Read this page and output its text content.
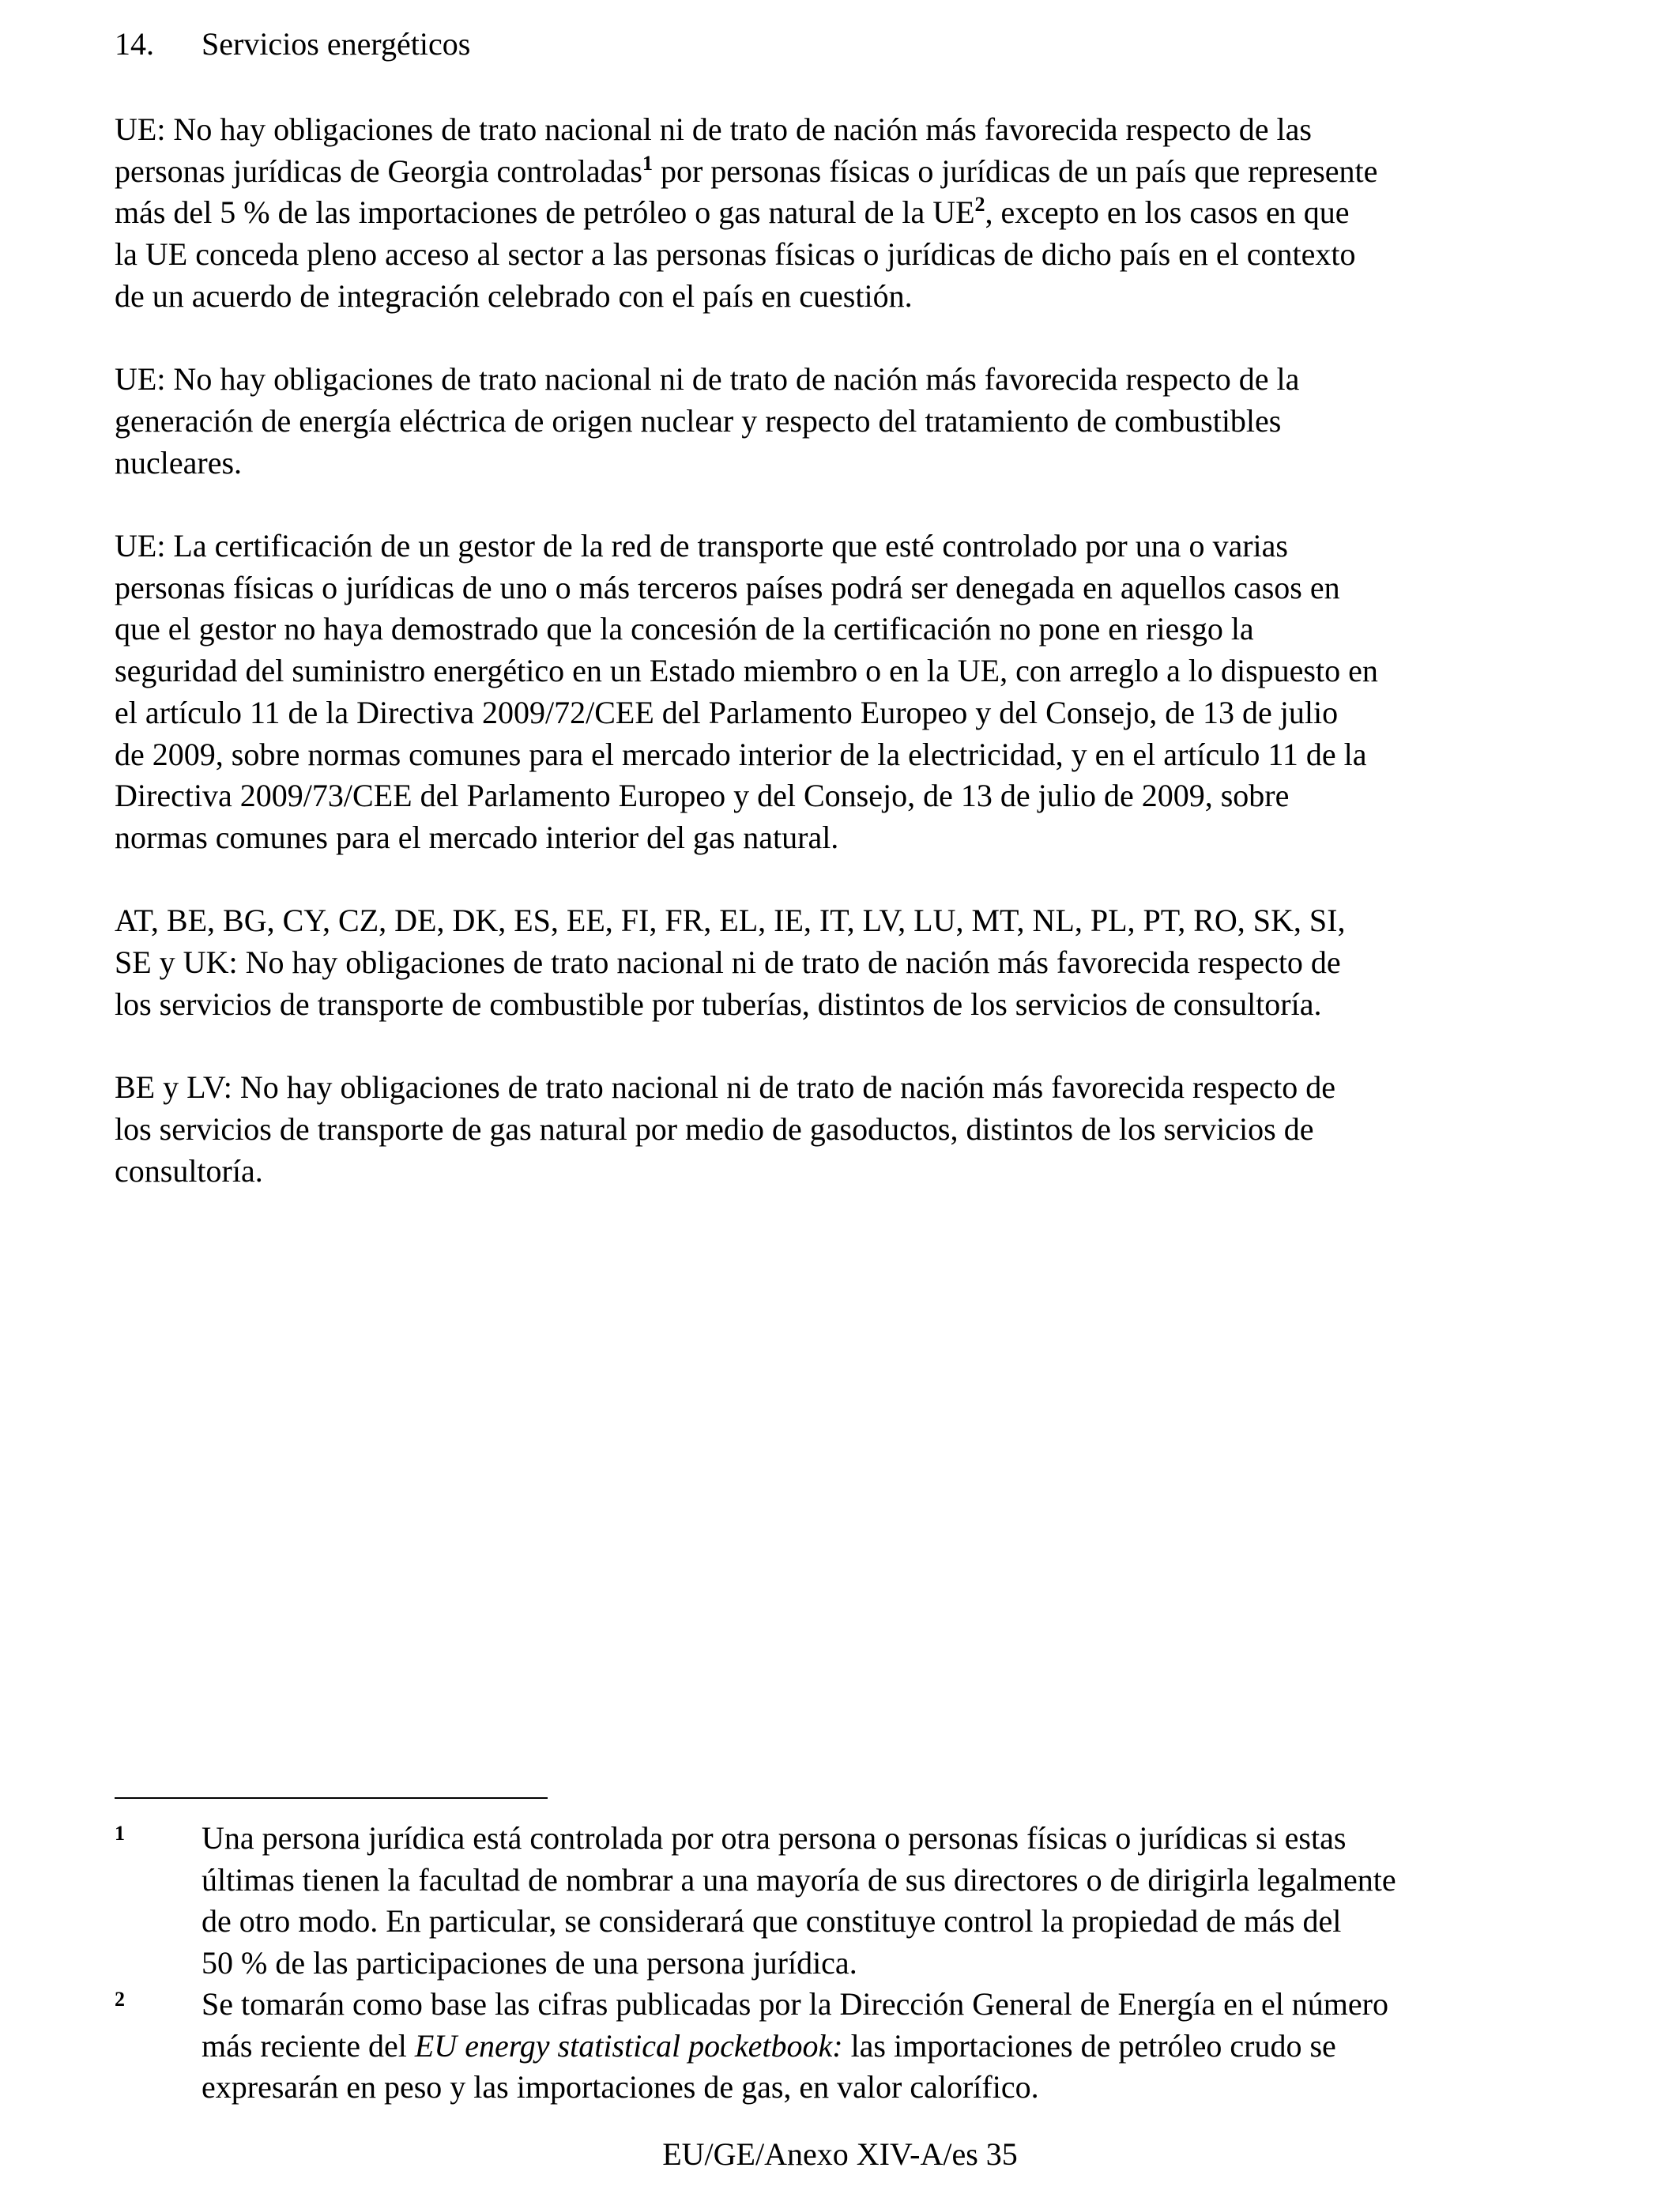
14. Servicios energéticos

UE: No hay obligaciones de trato nacional ni de trato de nación más favorecida respecto de las
personas jurídicas de Georgia controladas$^1$ por personas físicas o jurídicas de un país que represente
más del 5 % de las importaciones de petróleo o gas natural de la $UE^2$, excepto en los casos en que
la UE conceda pleno acceso al sector a las personas físicas o jurídicas de dicho país en el contexto
de un acuerdo de integración celebrado con el país en cuestión.

UE: No hay obligaciones de trato nacional ni de trato de nación más favorecida respecto de la
generación de energía eléctrica de origen nuclear y respecto del tratamiento de combustibles
nucleares.

UE: La certificación de un gestor de la red de transporte que esté controlado por una o varias
personas físicas o jurídicas de uno o más terceros países podrá ser denegada en aquellos casos en
que el gestor no haya demostrado que la concesión de la certificación no pone en riesgo la
seguridad del suministro energético en un Estado miembro o en la UE, con arreglo a lo dispuesto en
el artículo 11 de la Directiva 2009/72/CEE del Parlamento Europeo y del Consejo, de 13 de julio
de 2009, sobre normas comunes para el mercado interior de la electricidad, y en el artículo 11 de la
Directiva 2009/73/CEE del Parlamento Europeo y del Consejo, de 13 de julio de 2009, sobre
normas comunes para el mercado interior del gas natural.

AT, BE, BG, CY, CZ, DE, DK, ES, EE, FI, FR, EL, IE, IT, LV, LU, MT, NL, PL, PT, RO, SK, SI,
SE y UK: No hay obligaciones de trato nacional ni de trato de nación más favorecida respecto de
los servicios de transporte de combustible por tuberías, distintos de los servicios de consultoría.

BE y LV: No hay obligaciones de trato nacional ni de trato de nación más favorecida respecto de
los servicios de transporte de gas natural por medio de gasoductos, distintos de los servicios de
consultoría.

1 Una persona jurídica está controlada por otra persona o personas físicas o jurídicas si estas
últimas tienen la facultad de nombrar a una mayoría de sus directores o de dirigirla legalmente
de otro modo. En particular, se considerará que constituye control la propiedad de más del
50 % de las participaciones de una persona jurídica.
2 Se tomarán como base las cifras publicadas por la Dirección General de Energía en el número
más reciente del EU energy statistical pocketbook: las importaciones de petróleo crudo se
expresarán en peso y las importaciones de gas, en valor calorífico.
EU/GE/Anexo XIV-A/es 35
